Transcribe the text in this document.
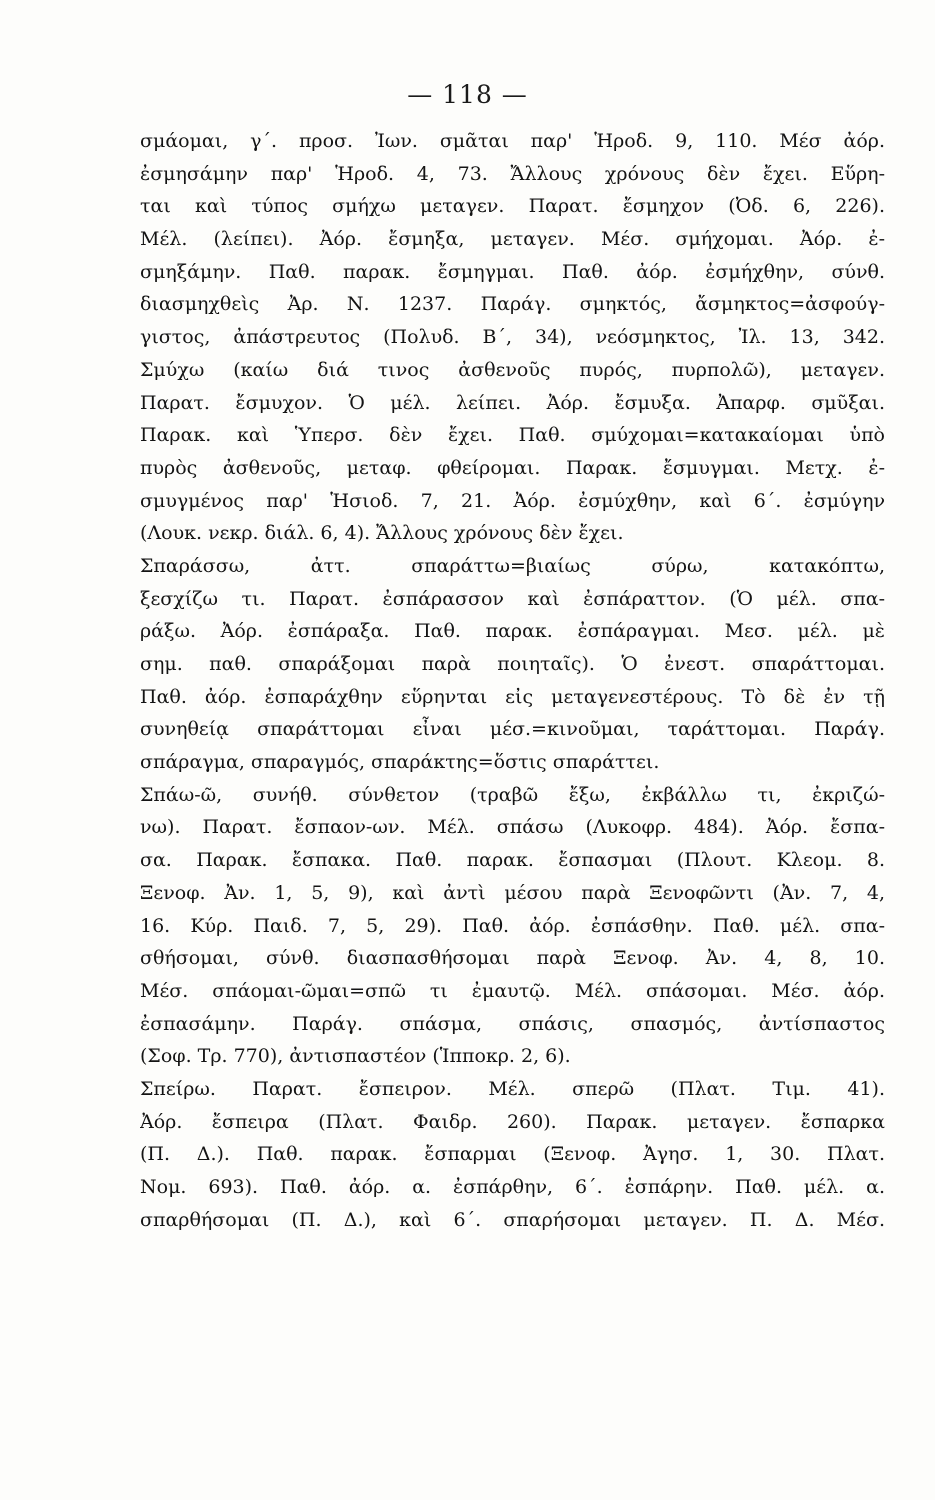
— 118 —
σμάομαι, γ΄. προσ. Ἰων. σμᾶται παρ' Ἡροδ. 9, 110. Μέσ ἀόρ.
ἐσμησάμην παρ' Ἡροδ. 4, 73. Ἄλλους χρόνους δὲν ἔχει. Εὕρη-
ται καὶ τύπος σμήχω μεταγεν. Παρατ. ἔσμηχον (Ὀδ. 6, 226).
Μέλ. (λείπει). Ἀόρ. ἔσμηξα, μεταγεν. Μέσ. σμήχομαι. Ἀόρ. ἐ-
σμηξάμην. Παθ. παρακ. ἔσμηγμαι. Παθ. ἀόρ. ἐσμήχθην, σύνθ.
διασμηχθεὶς Ἀρ. Ν. 1237. Παράγ. σμηκτός, ἄσμηκτος=ἀσφούγ-
γιστος, ἀπάστρευτος (Πολυδ. Β΄, 34), νεόσμηκτος, Ἰλ. 13, 342.
Σμύχω (καίω διά τινος ἀσθενοῦς πυρός, πυρπολῶ), μεταγεν.
Παρατ. ἔσμυχον. Ὁ μέλ. λείπει. Ἀόρ. ἔσμυξα. Ἀπαρφ. σμῦξαι.
Παρακ. καὶ Ὑπερσ. δὲν ἔχει. Παθ. σμύχομαι=κατακαίομαι ὑπὸ
πυρὸς ἀσθενοῦς, μεταφ. φθείρομαι. Παρακ. ἔσμυγμαι. Μετχ. ἐ-
σμυγμένος παρ' Ἡσιοδ. 7, 21. Ἀόρ. ἐσμύχθην, καὶ 6΄. ἐσμύγην
(Λουκ. νεκρ. διάλ. 6, 4). Ἄλλους χρόνους δὲν ἔχει.
Σπαράσσω, ἀττ. σπαράττω=βιαίως σύρω, κατακόπτω,
ξεσχίζω τι. Παρατ. ἐσπάρασσον καὶ ἐσπάραττον. (Ὁ μέλ. σπα-
ράξω. Ἀόρ. ἐσπάραξα. Παθ. παρακ. ἐσπάραγμαι. Μεσ. μέλ. μὲ
σημ. παθ. σπαράξομαι παρὰ ποιηταῖς). Ὁ ἐνεστ. σπαράττομαι.
Παθ. ἀόρ. ἐσπαράχθην εὕρηνται εἰς μεταγενεστέρους. Τὸ δὲ ἐν τῇ
συνηθείᾳ σπαράττομαι εἶναι μέσ.=κινοῦμαι, ταράττομαι. Παράγ.
σπάραγμα, σπαραγμός, σπαράκτης=ὅστις σπαράττει.
Σπάω-ῶ, συνήθ. σύνθετον (τραβῶ ἔξω, ἐκβάλλω τι, ἐκριζώ-
νω). Παρατ. ἔσπαον-ων. Μέλ. σπάσω (Λυκοφρ. 484). Ἀόρ. ἔσπα-
σα. Παρακ. ἔσπακα. Παθ. παρακ. ἔσπασμαι (Πλουτ. Κλεομ. 8.
Ξενοφ. Ἀν. 1, 5, 9), καὶ ἀντὶ μέσου παρὰ Ξενοφῶντι (Ἀν. 7, 4,
16. Κύρ. Παιδ. 7, 5, 29). Παθ. ἀόρ. ἐσπάσθην. Παθ. μέλ. σπα-
σθήσομαι, σύνθ. διασπασθήσομαι παρὰ Ξενοφ. Ἀν. 4, 8, 10.
Μέσ. σπάομαι-ῶμαι=σπῶ τι ἐμαυτῷ. Μέλ. σπάσομαι. Μέσ. ἀόρ.
ἐσπασάμην. Παράγ. σπάσμα, σπάσις, σπασμός, ἀντίσπαστος
(Σοφ. Τρ. 770), ἀντισπαστέον (Ἱπποκρ. 2, 6).
Σπείρω. Παρατ. ἔσπειρον. Μέλ. σπερῶ (Πλατ. Τιμ. 41).
Ἀόρ. ἔσπειρα (Πλατ. Φαιδρ. 260). Παρακ. μεταγεν. ἔσπαρκα
(Π. Δ.). Παθ. παρακ. ἔσπαρμαι (Ξενοφ. Ἀγησ. 1, 30. Πλατ.
Νομ. 693). Παθ. ἀόρ. α. ἐσπάρθην, 6΄. ἐσπάρην. Παθ. μέλ. α.
σπαρθήσομαι (Π. Δ.), καὶ 6΄. σπαρήσομαι μεταγεν. Π. Δ. Μέσ.
